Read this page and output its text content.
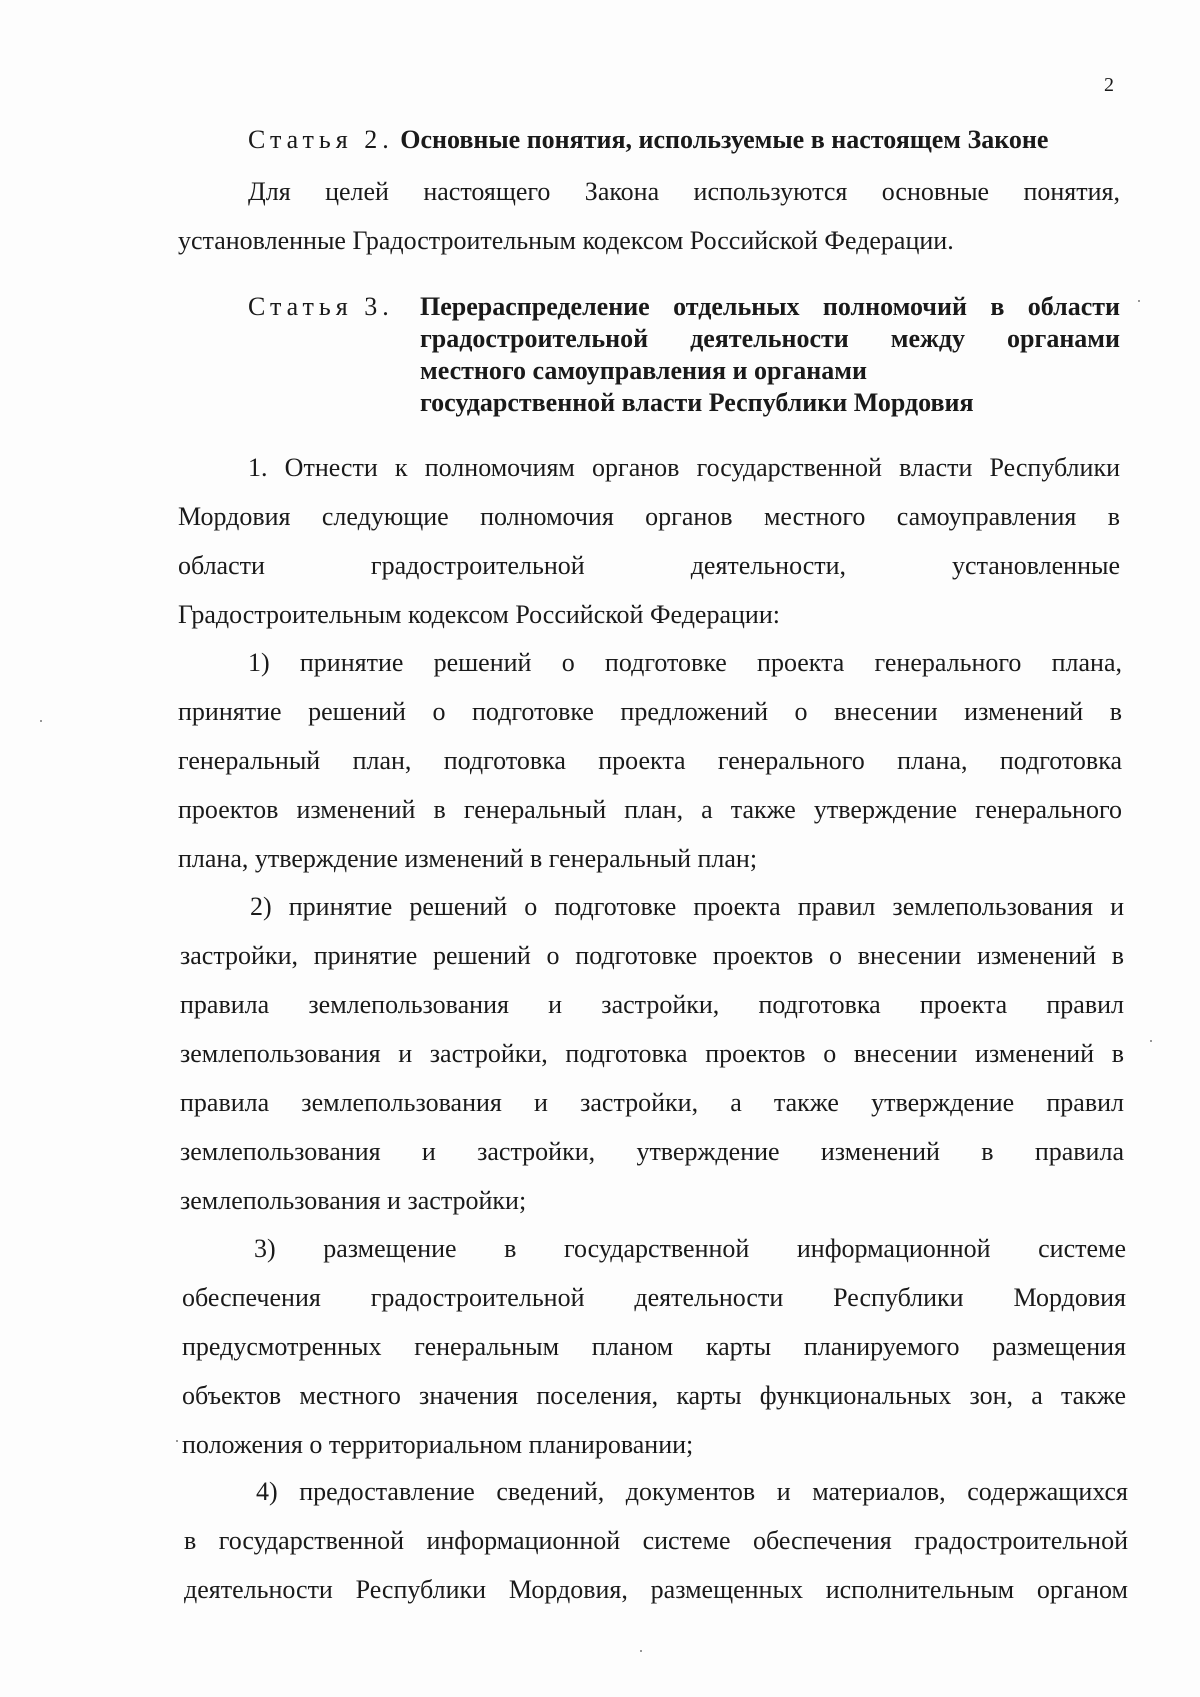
2
Статья 2. Основные понятия, используемые в настоящем Законе
Для целей настоящего Закона используются основные понятия,
установленные Градостроительным кодексом Российской Федерации.
Статья 3. Перераспределение отдельных полномочий в области
градостроительной деятельности между органами
местного самоуправления и органами
государственной власти Республики Мордовия
1. Отнести к полномочиям органов государственной власти Республики
Мордовия следующие полномочия органов местного самоуправления в
области градостроительной деятельности, установленные
Градостроительным кодексом Российской Федерации:
1) принятие решений о подготовке проекта генерального плана,
принятие решений о подготовке предложений о внесении изменений в
генеральный план, подготовка проекта генерального плана, подготовка
проектов изменений в генеральный план, а также утверждение генерального
плана, утверждение изменений в генеральный план;
2) принятие решений о подготовке проекта правил землепользования и
застройки, принятие решений о подготовке проектов о внесении изменений в
правила землепользования и застройки, подготовка проекта правил
землепользования и застройки, подготовка проектов о внесении изменений в
правила землепользования и застройки, а также утверждение правил
землепользования и застройки, утверждение изменений в правила
землепользования и застройки;
3) размещение в государственной информационной системе
обеспечения градостроительной деятельности Республики Мордовия
предусмотренных генеральным планом карты планируемого размещения
объектов местного значения поселения, карты функциональных зон, а также
положения о территориальном планировании;
4) предоставление сведений, документов и материалов, содержащихся
в государственной информационной системе обеспечения градостроительной
деятельности Республики Мордовия, размещенных исполнительным органом
